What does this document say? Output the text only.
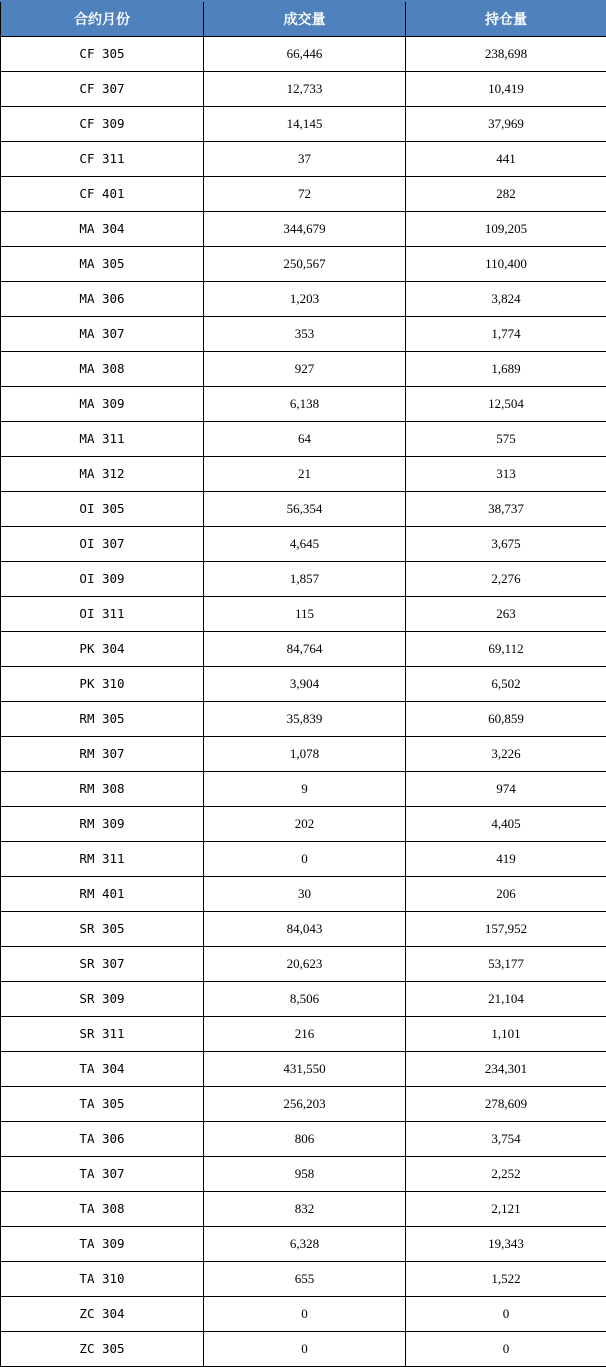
合约月份	成交量	持仓量
CF 305	66,446	238,698
CF 307	12,733	10,419
CF 309	14,145	37,969
CF 311	37	441
CF 401	72	282
MA 304	344,679	109,205
MA 305	250,567	110,400
MA 306	1,203	3,824
MA 307	353	1,774
MA 308	927	1,689
MA 309	6,138	12,504
MA 311	64	575
MA 312	21	313
OI 305	56,354	38,737
OI 307	4,645	3,675
OI 309	1,857	2,276
OI 311	115	263
PK 304	84,764	69,112
PK 310	3,904	6,502
RM 305	35,839	60,859
RM 307	1,078	3,226
RM 308	9	974
RM 309	202	4,405
RM 311	0	419
RM 401	30	206
SR 305	84,043	157,952
SR 307	20,623	53,177
SR 309	8,506	21,104
SR 311	216	1,101
TA 304	431,550	234,301
TA 305	256,203	278,609
TA 306	806	3,754
TA 307	958	2,252
TA 308	832	2,121
TA 309	6,328	19,343
TA 310	655	1,522
ZC 304	0	0
ZC 305	0	0
